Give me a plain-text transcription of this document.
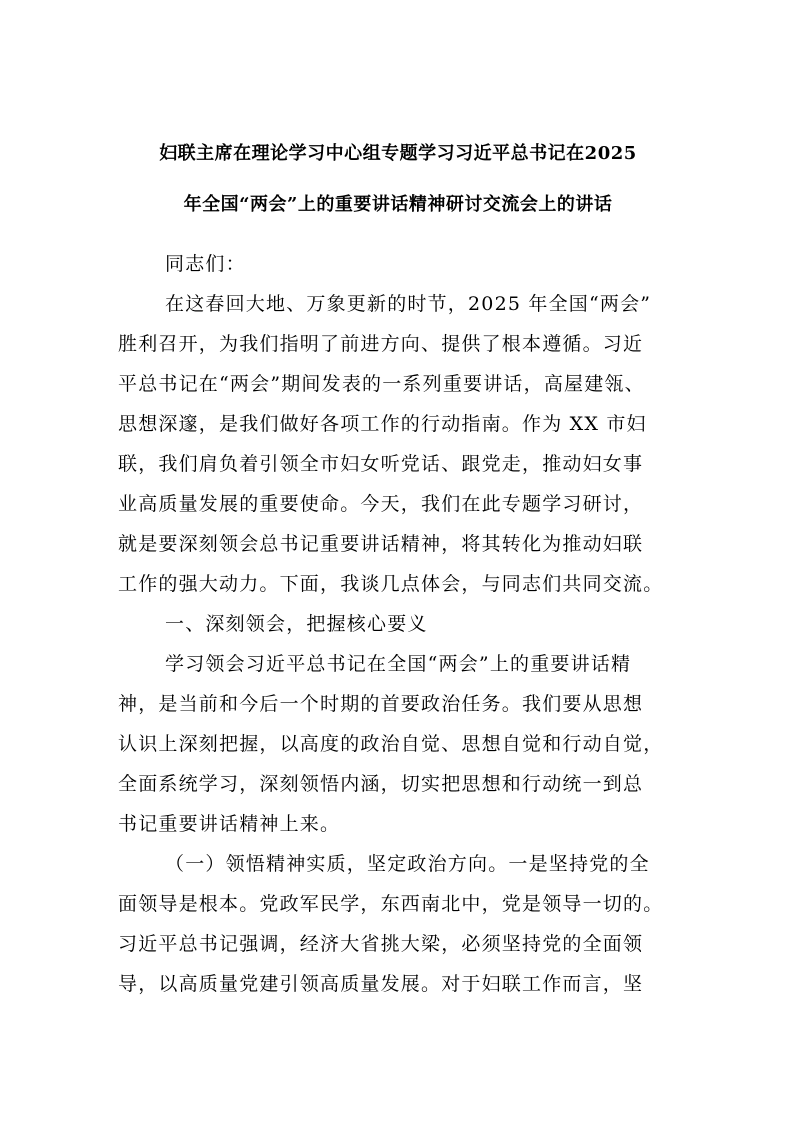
妇联主席在理论学习中心组专题学习习近平总书记在2025
年全国“两会”上的重要讲话精神研讨交流会上的讲话
同志们：
在这春回大地、万象更新的时节，2025 年全国“两会”
胜利召开，为我们指明了前进方向、提供了根本遵循。习近
平总书记在“两会”期间发表的一系列重要讲话，高屋建瓴、
思想深邃，是我们做好各项工作的行动指南。作为 XX 市妇
联，我们肩负着引领全市妇女听党话、跟党走，推动妇女事
业高质量发展的重要使命。今天，我们在此专题学习研讨，
就是要深刻领会总书记重要讲话精神，将其转化为推动妇联
工作的强大动力。下面，我谈几点体会，与同志们共同交流。
一、深刻领会，把握核心要义
学习领会习近平总书记在全国“两会”上的重要讲话精
神，是当前和今后一个时期的首要政治任务。我们要从思想
认识上深刻把握，以高度的政治自觉、思想自觉和行动自觉，
全面系统学习，深刻领悟内涵，切实把思想和行动统一到总
书记重要讲话精神上来。
（一）领悟精神实质，坚定政治方向。一是坚持党的全
面领导是根本。党政军民学，东西南北中，党是领导一切的。
习近平总书记强调，经济大省挑大梁，必须坚持党的全面领
导，以高质量党建引领高质量发展。对于妇联工作而言，坚
